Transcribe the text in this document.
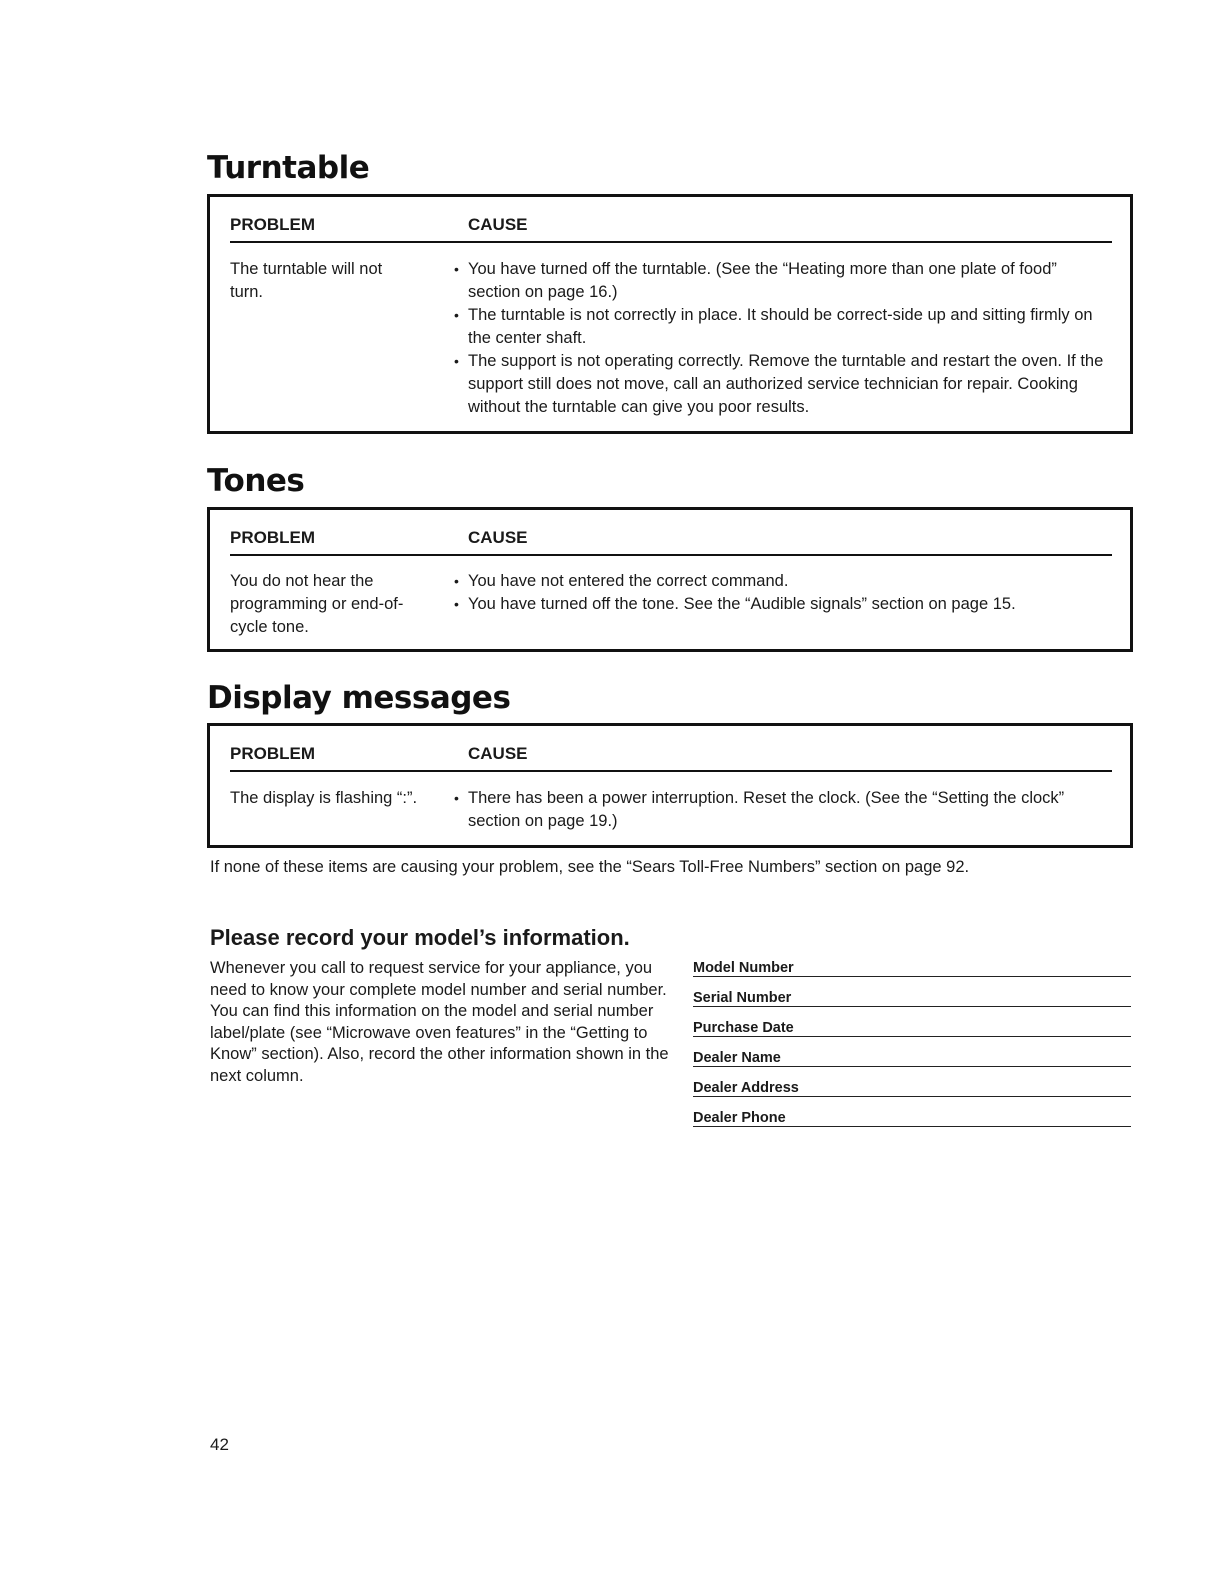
Turntable
PROBLEM	CAUSE
The turntable will not turn.
• You have turned off the turntable. (See the “Heating more than one plate of food” section on page 16.)
• The turntable is not correctly in place. It should be correct-side up and sitting firmly on the center shaft.
• The support is not operating correctly. Remove the turntable and restart the oven. If the support still does not move, call an authorized service technician for repair. Cooking without the turntable can give you poor results.
Tones
PROBLEM	CAUSE
You do not hear the programming or end-of-cycle tone.
• You have not entered the correct command.
• You have turned off the tone. See the “Audible signals” section on page 15.
Display messages
PROBLEM	CAUSE
The display is flashing “:”.
•	There has been a power interruption. Reset the clock. (See the “Setting the clock” section on page 19.)
If none of these items are causing your problem, see the “Sears Toll-Free Numbers” section on page 92.
Please record your model’s information.

Whenever you call to request service for your appliance, you need to know your complete model number and serial number. You can find this information on the model and serial number label/plate (see “Microwave oven features” in the “Getting to Know” section). Also, record the other information shown in the next column.

Model Number
Serial Number
Purchase Date
Dealer Name
Dealer Address
Dealer Phone
42
